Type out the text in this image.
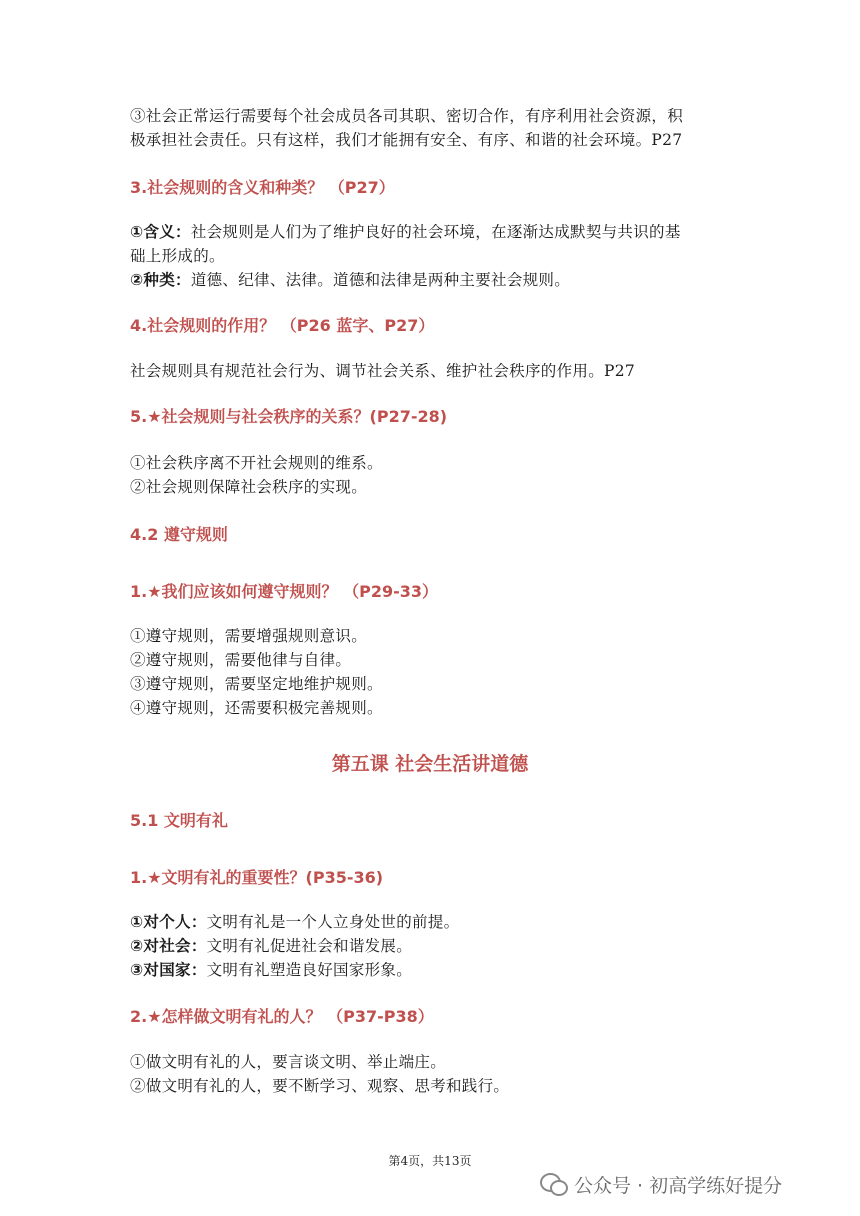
③社会正常运行需要每个社会成员各司其职、密切合作，有序利用社会资源，积

极承担社会责任。只有这样，我们才能拥有安全、有序、和谐的社会环境。P27

3.社会规则的含义和种类？ （P27）

①含义：社会规则是人们为了维护良好的社会环境，在逐渐达成默契与共识的基

础上形成的。

②种类：道德、纪律、法律。道德和法律是两种主要社会规则。

4.社会规则的作用？ （P26 蓝字、P27）

社会规则具有规范社会行为、调节社会关系、维护社会秩序的作用。P27

5.★社会规则与社会秩序的关系？(P27-28)

①社会秩序离不开社会规则的维系。

②社会规则保障社会秩序的实现。

4.2 遵守规则

1.★我们应该如何遵守规则？ （P29-33）

①遵守规则，需要增强规则意识。

②遵守规则，需要他律与自律。

③遵守规则，需要坚定地维护规则。

④遵守规则，还需要积极完善规则。

第五课 社会生活讲道德

5.1 文明有礼

1.★文明有礼的重要性？(P35-36)

①对个人：文明有礼是一个人立身处世的前提。

②对社会：文明有礼促进社会和谐发展。

③对国家：文明有礼塑造良好国家形象。

2.★怎样做文明有礼的人？ （P37-P38）

①做文明有礼的人，要言谈文明、举止端庄。

②做文明有礼的人，要不断学习、观察、思考和践行。

第4页，共13页
公众号 · 初高学练好提分
